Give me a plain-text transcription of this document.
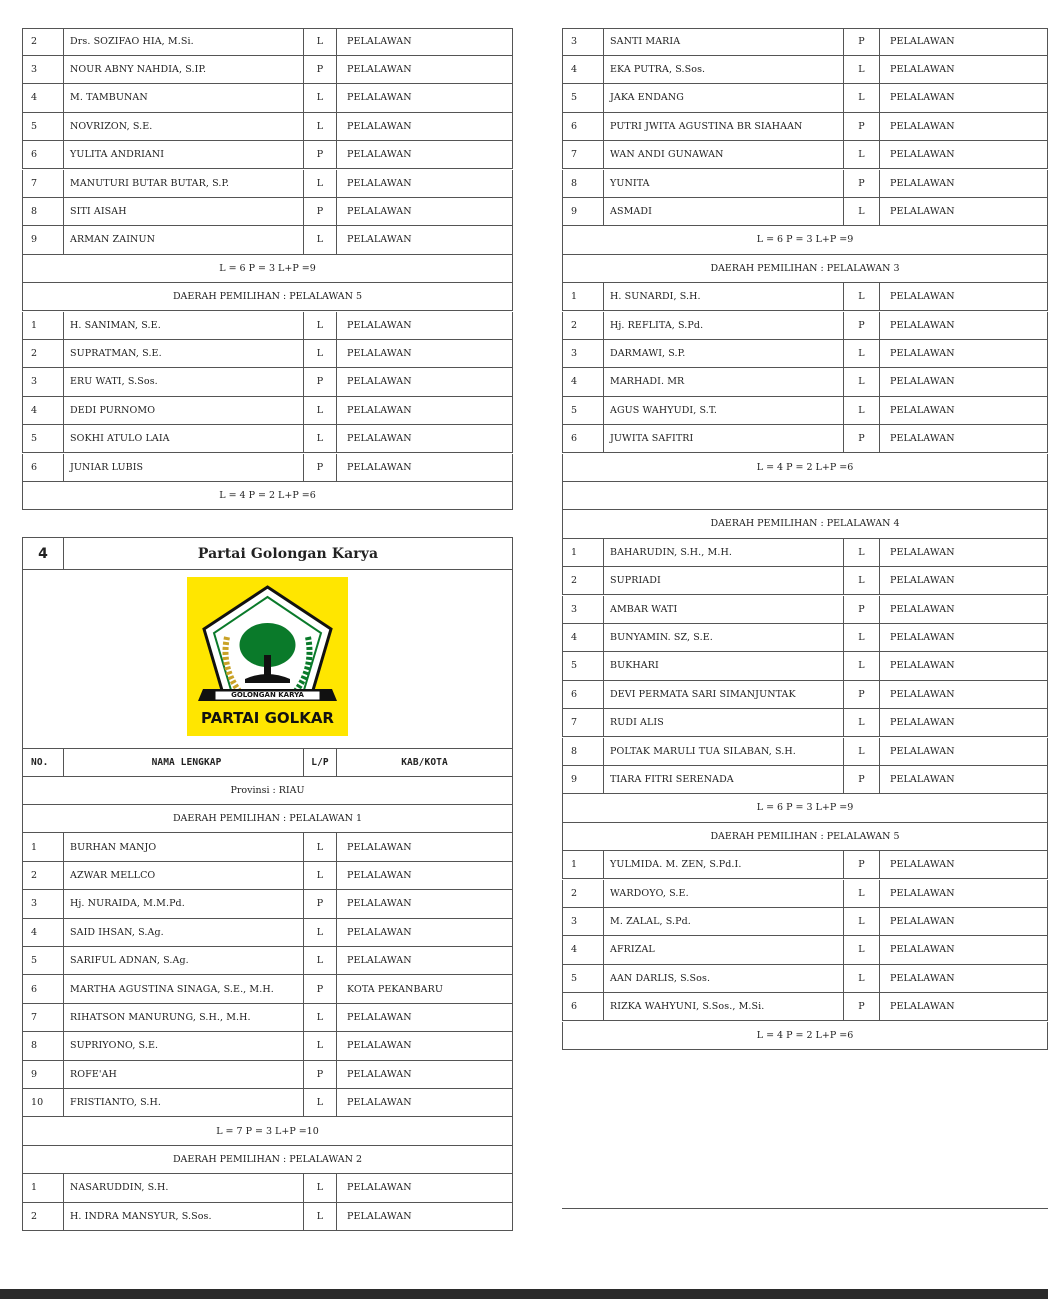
4	Partai Golongan Karya
GOLONGAN KARYA
PARTAI GOLKAR
NO.	NAMA LENGKAP	L/P	KAB/KOTA
Provinsi : RIAU
2	Drs. SOZIFAO HIA, M.Si.	L	PELALAWAN
3	NOUR ABNY NAHDIA, S.IP.	P	PELALAWAN
4	M. TAMBUNAN	L	PELALAWAN
5	NOVRIZON, S.E.	L	PELALAWAN
6	YULITA ANDRIANI	P	PELALAWAN
7	MANUTURI BUTAR BUTAR, S.P.	L	PELALAWAN
8	SITI AISAH	P	PELALAWAN
9	ARMAN ZAINUN	L	PELALAWAN
L = 6 P = 3 L+P =9
DAERAH PEMILIHAN : PELALAWAN 5
1	H. SANIMAN, S.E.	L	PELALAWAN
2	SUPRATMAN, S.E.	L	PELALAWAN
3	ERU WATI, S.Sos.	P	PELALAWAN
4	DEDI PURNOMO	L	PELALAWAN
5	SOKHI ATULO LAIA	L	PELALAWAN
6	JUNIAR LUBIS	P	PELALAWAN
L = 4 P = 2 L+P =6
DAERAH PEMILIHAN : PELALAWAN 1
1	BURHAN MANJO	L	PELALAWAN
2	AZWAR MELLCO	L	PELALAWAN
3	Hj. NURAIDA, M.M.Pd.	P	PELALAWAN
4	SAID IHSAN, S.Ag.	L	PELALAWAN
5	SARIFUL ADNAN, S.Ag.	L	PELALAWAN
6	MARTHA AGUSTINA SINAGA, S.E., M.H.	P	KOTA PEKANBARU
7	RIHATSON MANURUNG, S.H., M.H.	L	PELALAWAN
8	SUPRIYONO, S.E.	L	PELALAWAN
9	ROFE'AH	P	PELALAWAN
10	FRISTIANTO, S.H.	L	PELALAWAN
L = 7 P = 3 L+P =10
DAERAH PEMILIHAN : PELALAWAN 2
1	NASARUDDIN, S.H.	L	PELALAWAN
2	H. INDRA MANSYUR, S.Sos.	L	PELALAWAN
3	SANTI MARIA	P	PELALAWAN
4	EKA PUTRA, S.Sos.	L	PELALAWAN
5	JAKA ENDANG	L	PELALAWAN
6	PUTRI JWITA AGUSTINA BR SIAHAAN	P	PELALAWAN
7	WAN ANDI GUNAWAN	L	PELALAWAN
8	YUNITA	P	PELALAWAN
9	ASMADI	L	PELALAWAN
L = 6 P = 3 L+P =9
DAERAH PEMILIHAN : PELALAWAN 3
1	H. SUNARDI, S.H.	L	PELALAWAN
2	Hj. REFLITA, S.Pd.	P	PELALAWAN
3	DARMAWI, S.P.	L	PELALAWAN
4	MARHADI. MR	L	PELALAWAN
5	AGUS WAHYUDI, S.T.	L	PELALAWAN
6	JUWITA SAFITRI	P	PELALAWAN
L = 4 P = 2 L+P =6
DAERAH PEMILIHAN : PELALAWAN 4
1	BAHARUDIN, S.H., M.H.	L	PELALAWAN
2	SUPRIADI	L	PELALAWAN
3	AMBAR WATI	P	PELALAWAN
4	BUNYAMIN. SZ, S.E.	L	PELALAWAN
5	BUKHARI	L	PELALAWAN
6	DEVI PERMATA SARI SIMANJUNTAK	P	PELALAWAN
7	RUDI ALIS	L	PELALAWAN
8	POLTAK MARULI TUA SILABAN, S.H.	L	PELALAWAN
9	TIARA FITRI SERENADA	P	PELALAWAN
L = 6 P = 3 L+P =9
DAERAH PEMILIHAN : PELALAWAN 5
1	YULMIDA. M. ZEN, S.Pd.I.	P	PELALAWAN
2	WARDOYO, S.E.	L	PELALAWAN
3	M. ZALAL, S.Pd.	L	PELALAWAN
4	AFRIZAL	L	PELALAWAN
5	AAN DARLIS, S.Sos.	L	PELALAWAN
6	RIZKA WAHYUNI, S.Sos., M.Si.	P	PELALAWAN
L = 4 P = 2 L+P =6
